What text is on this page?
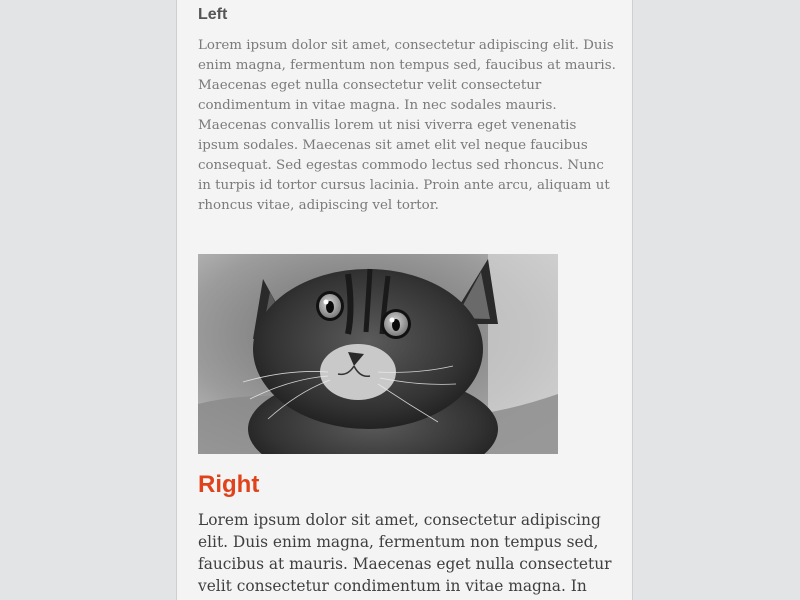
Left

Lorem ipsum dolor sit amet, consectetur adipiscing elit. Duis enim magna, fermentum non tempus sed, faucibus at mauris. Maecenas eget nulla consectetur velit consectetur condimentum in vitae magna. In nec sodales mauris. Maecenas convallis lorem ut nisi viverra eget venenatis ipsum sodales. Maecenas sit amet elit vel neque faucibus consequat. Sed egestas commodo lectus sed rhoncus. Nunc in turpis id tortor cursus lacinia. Proin ante arcu, aliquam ut rhoncus vitae, adipiscing vel tortor.

Right

Lorem ipsum dolor sit amet, consectetur adipiscing elit. Duis enim magna, fermentum non tempus sed, faucibus at mauris. Maecenas eget nulla consectetur velit consectetur condimentum in vitae magna. In
